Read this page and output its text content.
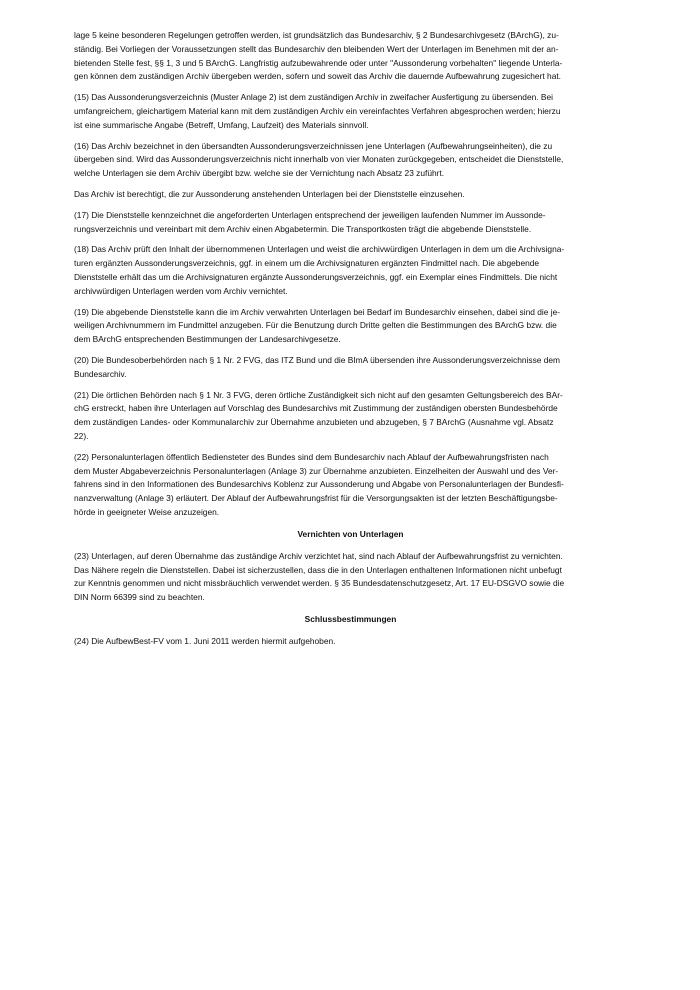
lage 5 keine besonderen Regelungen getroffen werden, ist grundsätzlich das Bundesarchiv, § 2 Bundesarchivgesetz (BArchG), zu-
ständig. Bei Vorliegen der Voraussetzungen stellt das Bundesarchiv den bleibenden Wert der Unterlagen im Benehmen mit der an-
bietenden Stelle fest, §§ 1, 3 und 5 BArchG. Langfristig aufzubewahrende oder unter "Aussonderung vorbehalten" liegende Unterla-
gen können dem zuständigen Archiv übergeben werden, sofern und soweit das Archiv die dauernde Aufbewahrung zugesichert hat.

(15) Das Aussonderungsverzeichnis (Muster Anlage 2) ist dem zuständigen Archiv in zweifacher Ausfertigung zu übersenden. Bei
umfangreichem, gleichartigem Material kann mit dem zuständigen Archiv ein vereinfachtes Verfahren abgesprochen werden; hierzu
ist eine summarische Angabe (Betreff, Umfang, Laufzeit) des Materials sinnvoll.

(16) Das Archiv bezeichnet in den übersandten Aussonderungsverzeichnissen jene Unterlagen (Aufbewahrungseinheiten), die zu
übergeben sind. Wird das Aussonderungsverzeichnis nicht innerhalb von vier Monaten zurückgegeben, entscheidet die Dienststelle,
welche Unterlagen sie dem Archiv übergibt bzw. welche sie der Vernichtung nach Absatz 23 zuführt.

Das Archiv ist berechtigt, die zur Aussonderung anstehenden Unterlagen bei der Dienststelle einzusehen.

(17) Die Dienststelle kennzeichnet die angeforderten Unterlagen entsprechend der jeweiligen laufenden Nummer im Aussonde-
rungsverzeichnis und vereinbart mit dem Archiv einen Abgabetermin. Die Transportkosten trägt die abgebende Dienststelle.

(18) Das Archiv prüft den Inhalt der übernommenen Unterlagen und weist die archivwürdigen Unterlagen in dem um die Archivsigna-
turen ergänzten Aussonderungsverzeichnis, ggf. in einem um die Archivsignaturen ergänzten Findmittel nach. Die abgebende
Dienststelle erhält das um die Archivsignaturen ergänzte Aussonderungsverzeichnis, ggf. ein Exemplar eines Findmittels. Die nicht
archivwürdigen Unterlagen werden vom Archiv vernichtet.

(19) Die abgebende Dienststelle kann die im Archiv verwahrten Unterlagen bei Bedarf im Bundesarchiv einsehen, dabei sind die je-
weiligen Archivnummern im Fundmittel anzugeben. Für die Benutzung durch Dritte gelten die Bestimmungen des BArchG bzw. die
dem BArchG entsprechenden Bestimmungen der Landesarchivgesetze.

(20) Die Bundesoberbehörden nach § 1 Nr. 2 FVG, das ITZ Bund und die BImA übersenden ihre Aussonderungsverzeichnisse dem
Bundesarchiv.

(21) Die örtlichen Behörden nach § 1 Nr. 3 FVG, deren örtliche Zuständigkeit sich nicht auf den gesamten Geltungsbereich des BAr-
chG erstreckt, haben ihre Unterlagen auf Vorschlag des Bundesarchivs mit Zustimmung der zuständigen obersten Bundesbehörde
dem zuständigen Landes- oder Kommunalarchiv zur Übernahme anzubieten und abzugeben, § 7 BArchG (Ausnahme vgl. Absatz
22).

(22) Personalunterlagen öffentlich Bediensteter des Bundes sind dem Bundesarchiv nach Ablauf der Aufbewahrungsfristen nach
dem Muster Abgabeverzeichnis Personalunterlagen (Anlage 3) zur Übernahme anzubieten. Einzelheiten der Auswahl und des Ver-
fahrens sind in den Informationen des Bundesarchivs Koblenz zur Aussonderung und Abgabe von Personalunterlagen der Bundesfi-
nanzverwaltung (Anlage 3) erläutert. Der Ablauf der Aufbewahrungsfrist für die Versorgungsakten ist der letzten Beschäftigungsbe-
hörde in geeigneter Weise anzuzeigen.

Vernichten von Unterlagen

(23) Unterlagen, auf deren Übernahme das zuständige Archiv verzichtet hat, sind nach Ablauf der Aufbewahrungsfrist zu vernichten.
Das Nähere regeln die Dienststellen. Dabei ist sicherzustellen, dass die in den Unterlagen enthaltenen Informationen nicht unbefugt
zur Kenntnis genommen und nicht missbräuchlich verwendet werden. § 35 Bundesdatenschutzgesetz, Art. 17 EU-DSGVO sowie die
DIN Norm 66399 sind zu beachten.

Schlussbestimmungen

(24) Die AufbewBest-FV vom 1. Juni 2011 werden hiermit aufgehoben.
